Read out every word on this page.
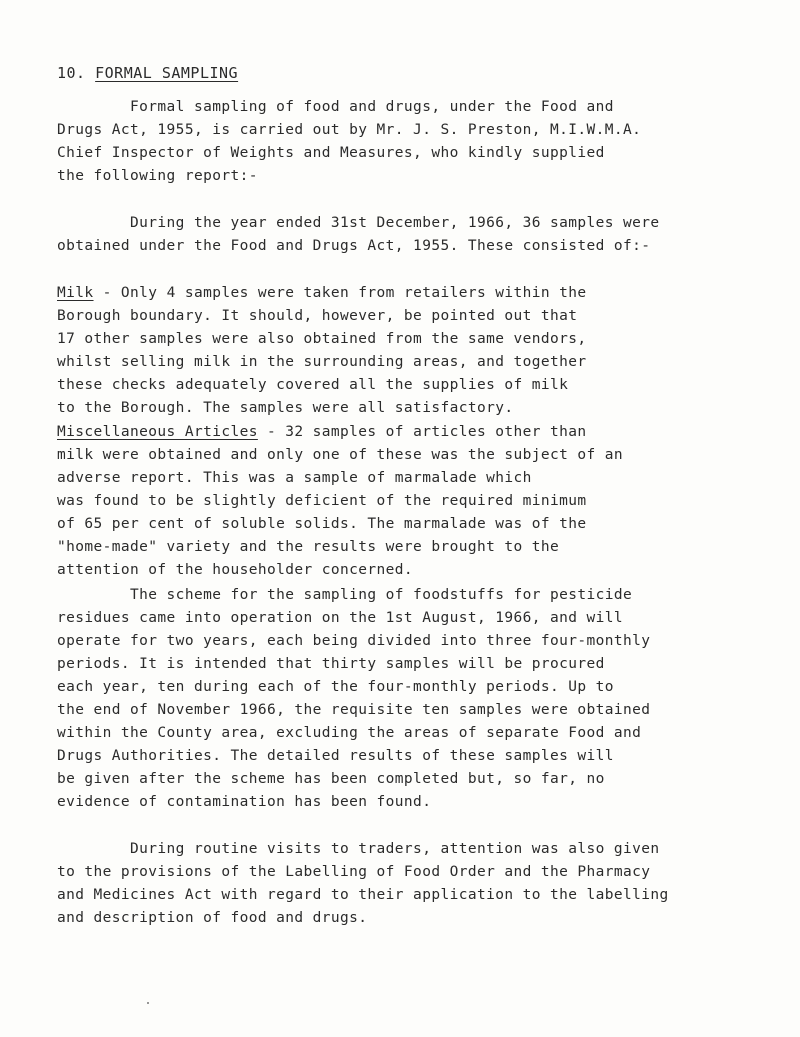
10. FORMAL SAMPLING
Formal sampling of food and drugs, under the Food and
Drugs Act, 1955, is carried out by Mr. J. S. Preston, M.I.W.M.A.
Chief Inspector of Weights and Measures, who kindly supplied
the following report:-
During the year ended 31st December, 1966, 36 samples were
obtained under the Food and Drugs Act, 1955. These consisted of:-
Milk - Only 4 samples were taken from retailers within the
Borough boundary. It should, however, be pointed out that
17 other samples were also obtained from the same vendors,
whilst selling milk in the surrounding areas, and together
these checks adequately covered all the supplies of milk
to the Borough. The samples were all satisfactory.
Miscellaneous Articles - 32 samples of articles other than
milk were obtained and only one of these was the subject of an
adverse report. This was a sample of marmalade which
was found to be slightly deficient of the required minimum
of 65 per cent of soluble solids. The marmalade was of the
"home-made" variety and the results were brought to the
attention of the householder concerned.
The scheme for the sampling of foodstuffs for pesticide
residues came into operation on the 1st August, 1966, and will
operate for two years, each being divided into three four-monthly
periods. It is intended that thirty samples will be procured
each year, ten during each of the four-monthly periods. Up to
the end of November 1966, the requisite ten samples were obtained
within the County area, excluding the areas of separate Food and
Drugs Authorities. The detailed results of these samples will
be given after the scheme has been completed but, so far, no
evidence of contamination has been found.
During routine visits to traders, attention was also given
to the provisions of the Labelling of Food Order and the Pharmacy
and Medicines Act with regard to their application to the labelling
and description of food and drugs.
